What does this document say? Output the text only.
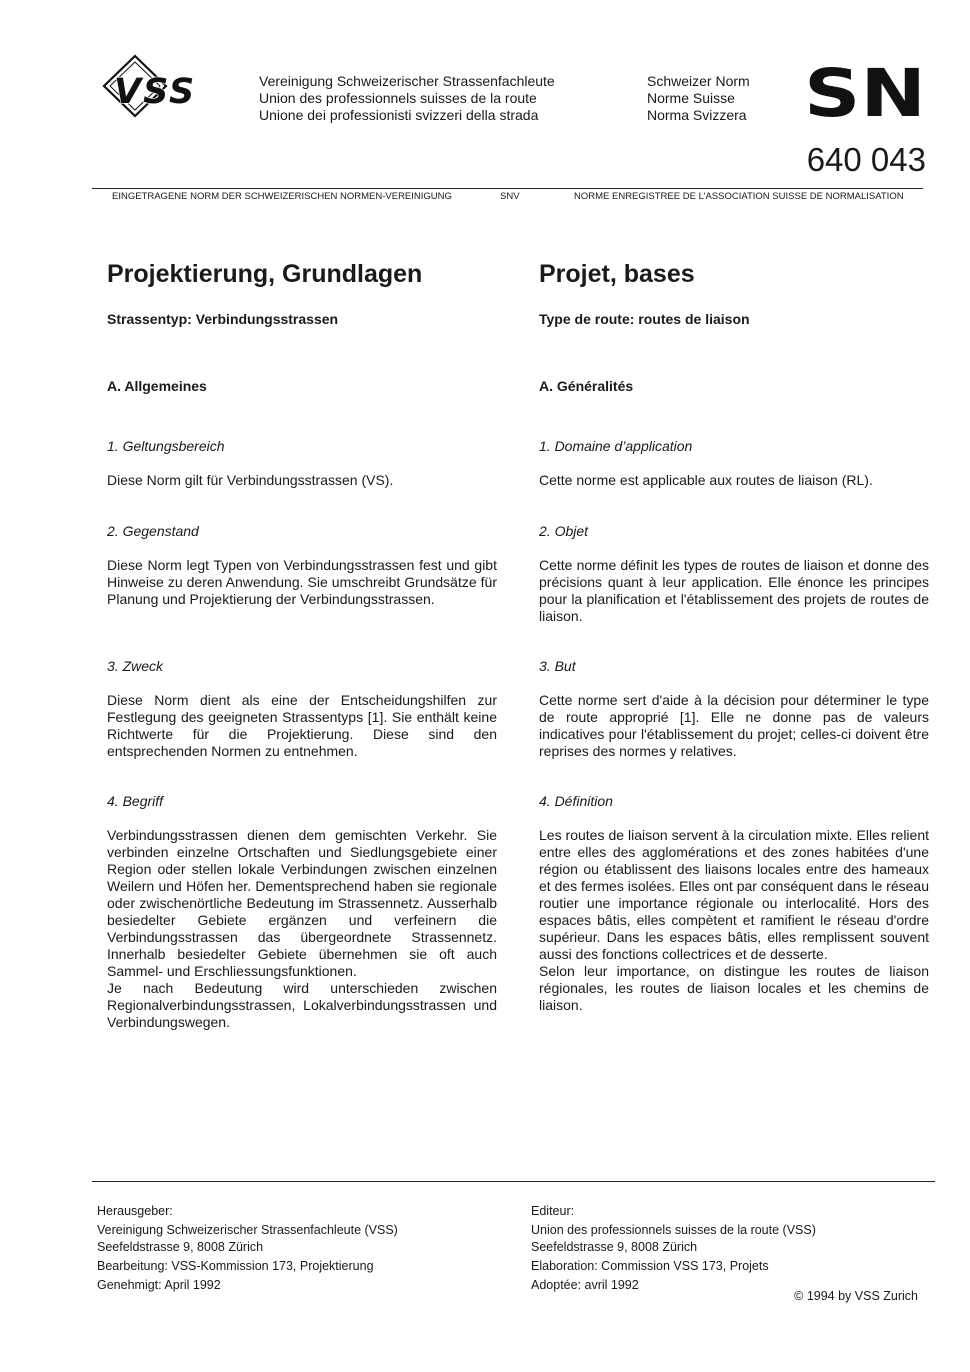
VSS	Vereinigung Schweizerischer Strassenfachleute
Union des professionnels suisses de la route
Unione dei professionisti svizzeri della strada
Schweizer Norm
Norme Suisse
Norma Svizzera SN
640 043
EINGETRAGENE NORM DER SCHWEIZERISCHEN NORMEN-VEREINIGUNG	SNV	NORME ENREGISTREE DE L’ASSOCIATION SUISSE DE NORMALISATION
Projektierung, Grundlagen
Strassentyp: Verbindungsstrassen
A. Allgemeines
1. Geltungsbereich
Diese Norm gilt für Verbindungsstrassen (VS).
2. Gegenstand
Diese Norm legt Typen von Verbindungsstrassen fest und gibt Hinweise zu deren Anwendung. Sie umschreibt Grundsätze für Planung und Projektierung der Verbindungsstrassen.
3. Zweck
Diese Norm dient als eine der Entscheidungshilfen zur Festlegung des geeigneten Strassentyps [1]. Sie enthält keine Richtwerte für die Projektierung. Diese sind den entsprechenden Normen zu entnehmen.
4. Begriff

Verbindungsstrassen dienen dem gemischten Verkehr. Sie verbinden einzelne Ortschaften und Siedlungsgebiete einer Region oder stellen lokale Verbindungen zwischen einzelnen Weilern und Höfen her. Dementsprechend haben sie regionale oder zwischenörtliche Bedeutung im Strassennetz. Ausserhalb besiedelter Gebiete ergänzen und verfeinern die Verbindungsstrassen das übergeordnete Strassennetz. Innerhalb besiedelter Gebiete übernehmen sie oft auch Sammel- und Erschliessungsfunktionen.

Je nach Bedeutung wird unterschieden zwischen Regionalverbindungsstrassen, Lokalverbindungsstrassen und Verbindungswegen.

Projet, bases
Type de route: routes de liaison
A. Généralités
1. Domaine d’application
Cette norme est applicable aux routes de liaison (RL).
2. Objet
Cette norme définit les types de routes de liaison et donne des précisions quant à leur application. Elle énonce les principes pour la planification et l'établissement des projets de routes de liaison.
3. But
Cette norme sert d'aide à la décision pour déterminer le type de route approprié [1]. Elle ne donne pas de valeurs indicatives pour l'établissement du projet; celles-ci doivent être reprises des normes y relatives.
4. Définition

Les routes de liaison servent à la circulation mixte. Elles relient entre elles des agglomérations et des zones habitées d'une région ou établissent des liaisons locales entre des hameaux et des fermes isolées. Elles ont par conséquent dans le réseau routier une importance régionale ou interlocalité. Hors des espaces bâtis, elles compètent et ramifient le réseau d'ordre supérieur. Dans les espaces bâtis, elles remplissent souvent aussi des fonctions collectrices et de desserte.

Selon leur importance, on distingue les routes de liaison régionales, les routes de liaison locales et les chemins de liaison.

Herausgeber:
Vereinigung Schweizerischer Strassenfachleute (VSS)
Seefeldstrasse 9, 8008 Zürich
Bearbeitung: VSS-Kommission 173, Projektierung
Genehmigt: April 1992
Editeur:
Union des professionnels suisses de la route (VSS)
Seefeldstrasse 9, 8008 Zürich
Elaboration: Commission VSS 173, Projets
Adoptée: avril 1992
© 1994 by VSS Zurich
